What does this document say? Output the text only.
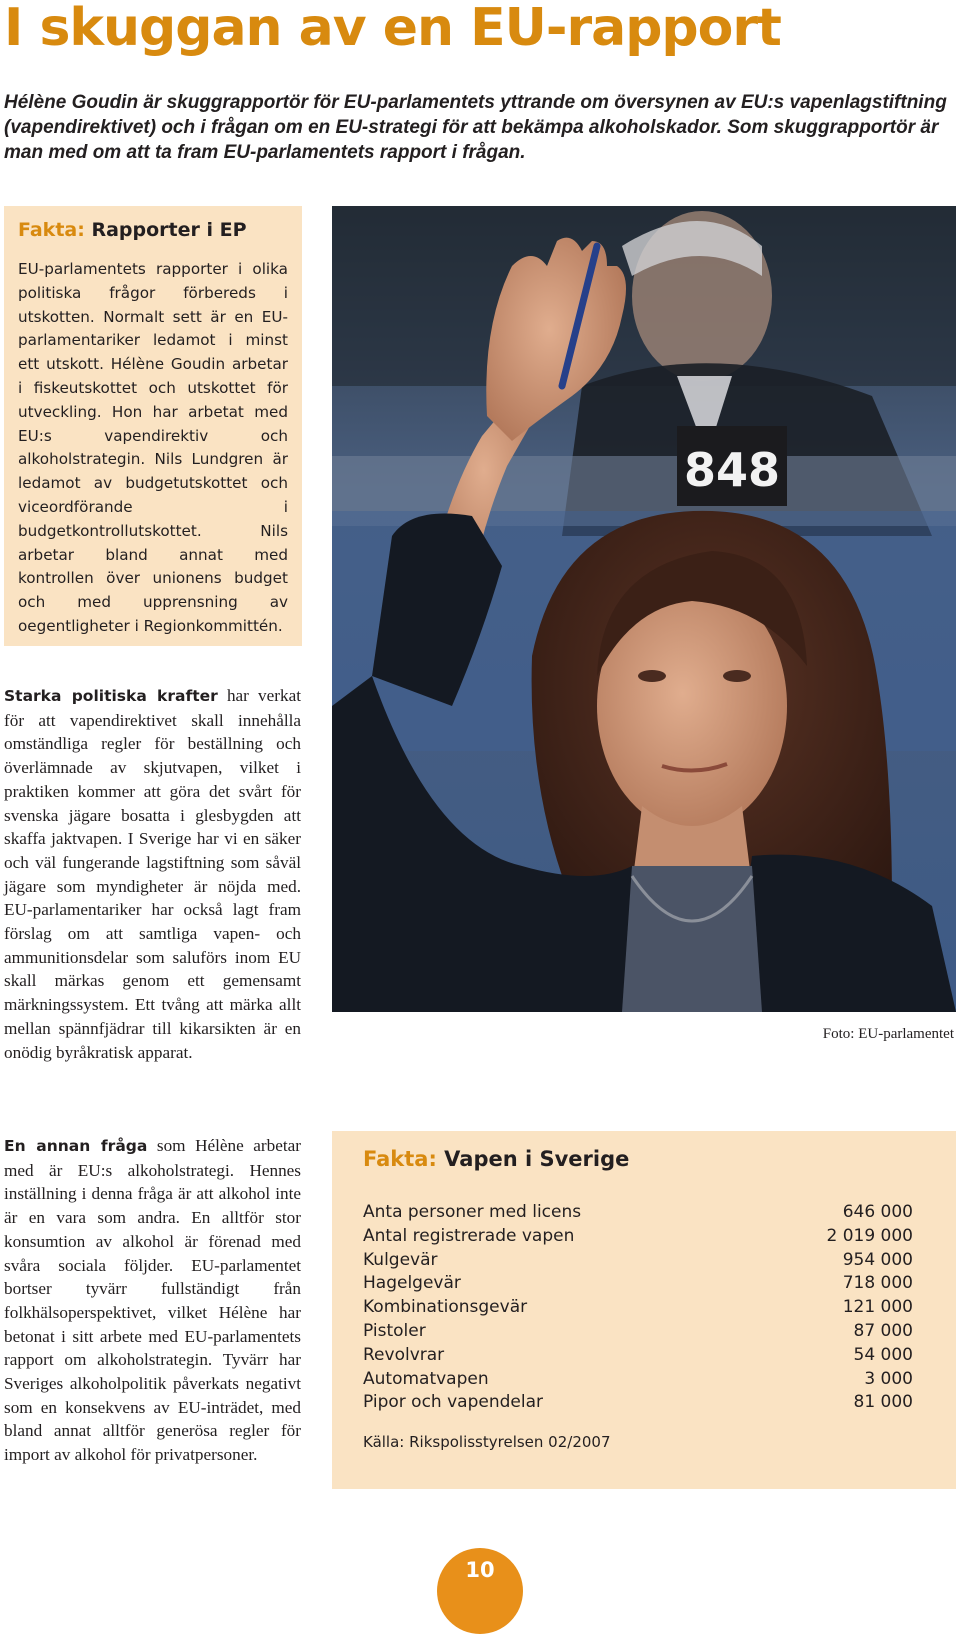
I skuggan av en EU-rapport

Hélène Goudin är skuggrapportör för EU-parlamentets yttrande om översynen av EU:s vapenlagstiftning (vapendirektivet) och i frågan om en EU-strategi för att bekämpa alkoholskador. Som skuggrapportör är man med om att ta fram EU-parlamentets rapport i frågan.

Fakta: Rapporter i EP
EU-parlamentets rapporter i olika politiska frågor förbereds i utskotten. Normalt sett är en EU-parlamentariker ledamot i minst ett utskott. Hélène Goudin arbetar i fiskeutskottet och utskottet för utveckling. Hon har arbetat med EU:s vapendirektiv och alkoholstrategin. Nils Lundgren är ledamot av budgetutskottet och viceordförande i budgetkontrollutskottet. Nils arbetar bland annat med kontrollen över unionens budget och med upprensning av oegentligheter i Regionkommittén.
848

Foto: EU-parlamentet

Starka politiska krafter har verkat för att vapendirektivet skall innehålla omständliga regler för beställning och överlämnade av skjutvapen, vilket i praktiken kommer att göra det svårt för svenska jägare bosatta i glesbygden att skaffa jaktvapen. I Sverige har vi en säker och väl fungerande lagstiftning som såväl jägare som myndigheter är nöjda med. EU-parlamentariker har också lagt fram förslag om att samtliga vapen- och ammunitionsdelar som saluförs inom EU skall märkas genom ett gemensamt märkningssystem. Ett tvång att märka allt mellan spännfjädrar till kikarsikten är en onödig byråkratisk apparat.

En annan fråga som Hélène arbetar med är EU:s alkoholstrategi. Hennes inställning i denna fråga är att alkohol inte är en vara som andra. En alltför stor konsumtion av alkohol är förenad med svåra sociala följder. EU-parlamentet bortser tyvärr fullständigt från folkhälsoperspektivet, vilket Hélène har betonat i sitt arbete med EU-parlamentets rapport om alkoholstrategin. Tyvärr har Sveriges alkoholpolitik påverkats negativt som en konsekvens av EU-inträdet, med bland annat alltför generösa regler för import av alkohol för privatpersoner.

Fakta: Vapen i Sverige
Anta personer med licens	646 000
Antal registrerade vapen	2 019 000
Kulgevär	954 000
Hagelgevär	718 000
Kombinationsgevär	121 000
Pistoler	87 000
Revolvrar	54 000
Automatvapen	3 000
Pipor och vapendelar	81 000
Källa: Rikspolisstyrelsen 02/2007
10
